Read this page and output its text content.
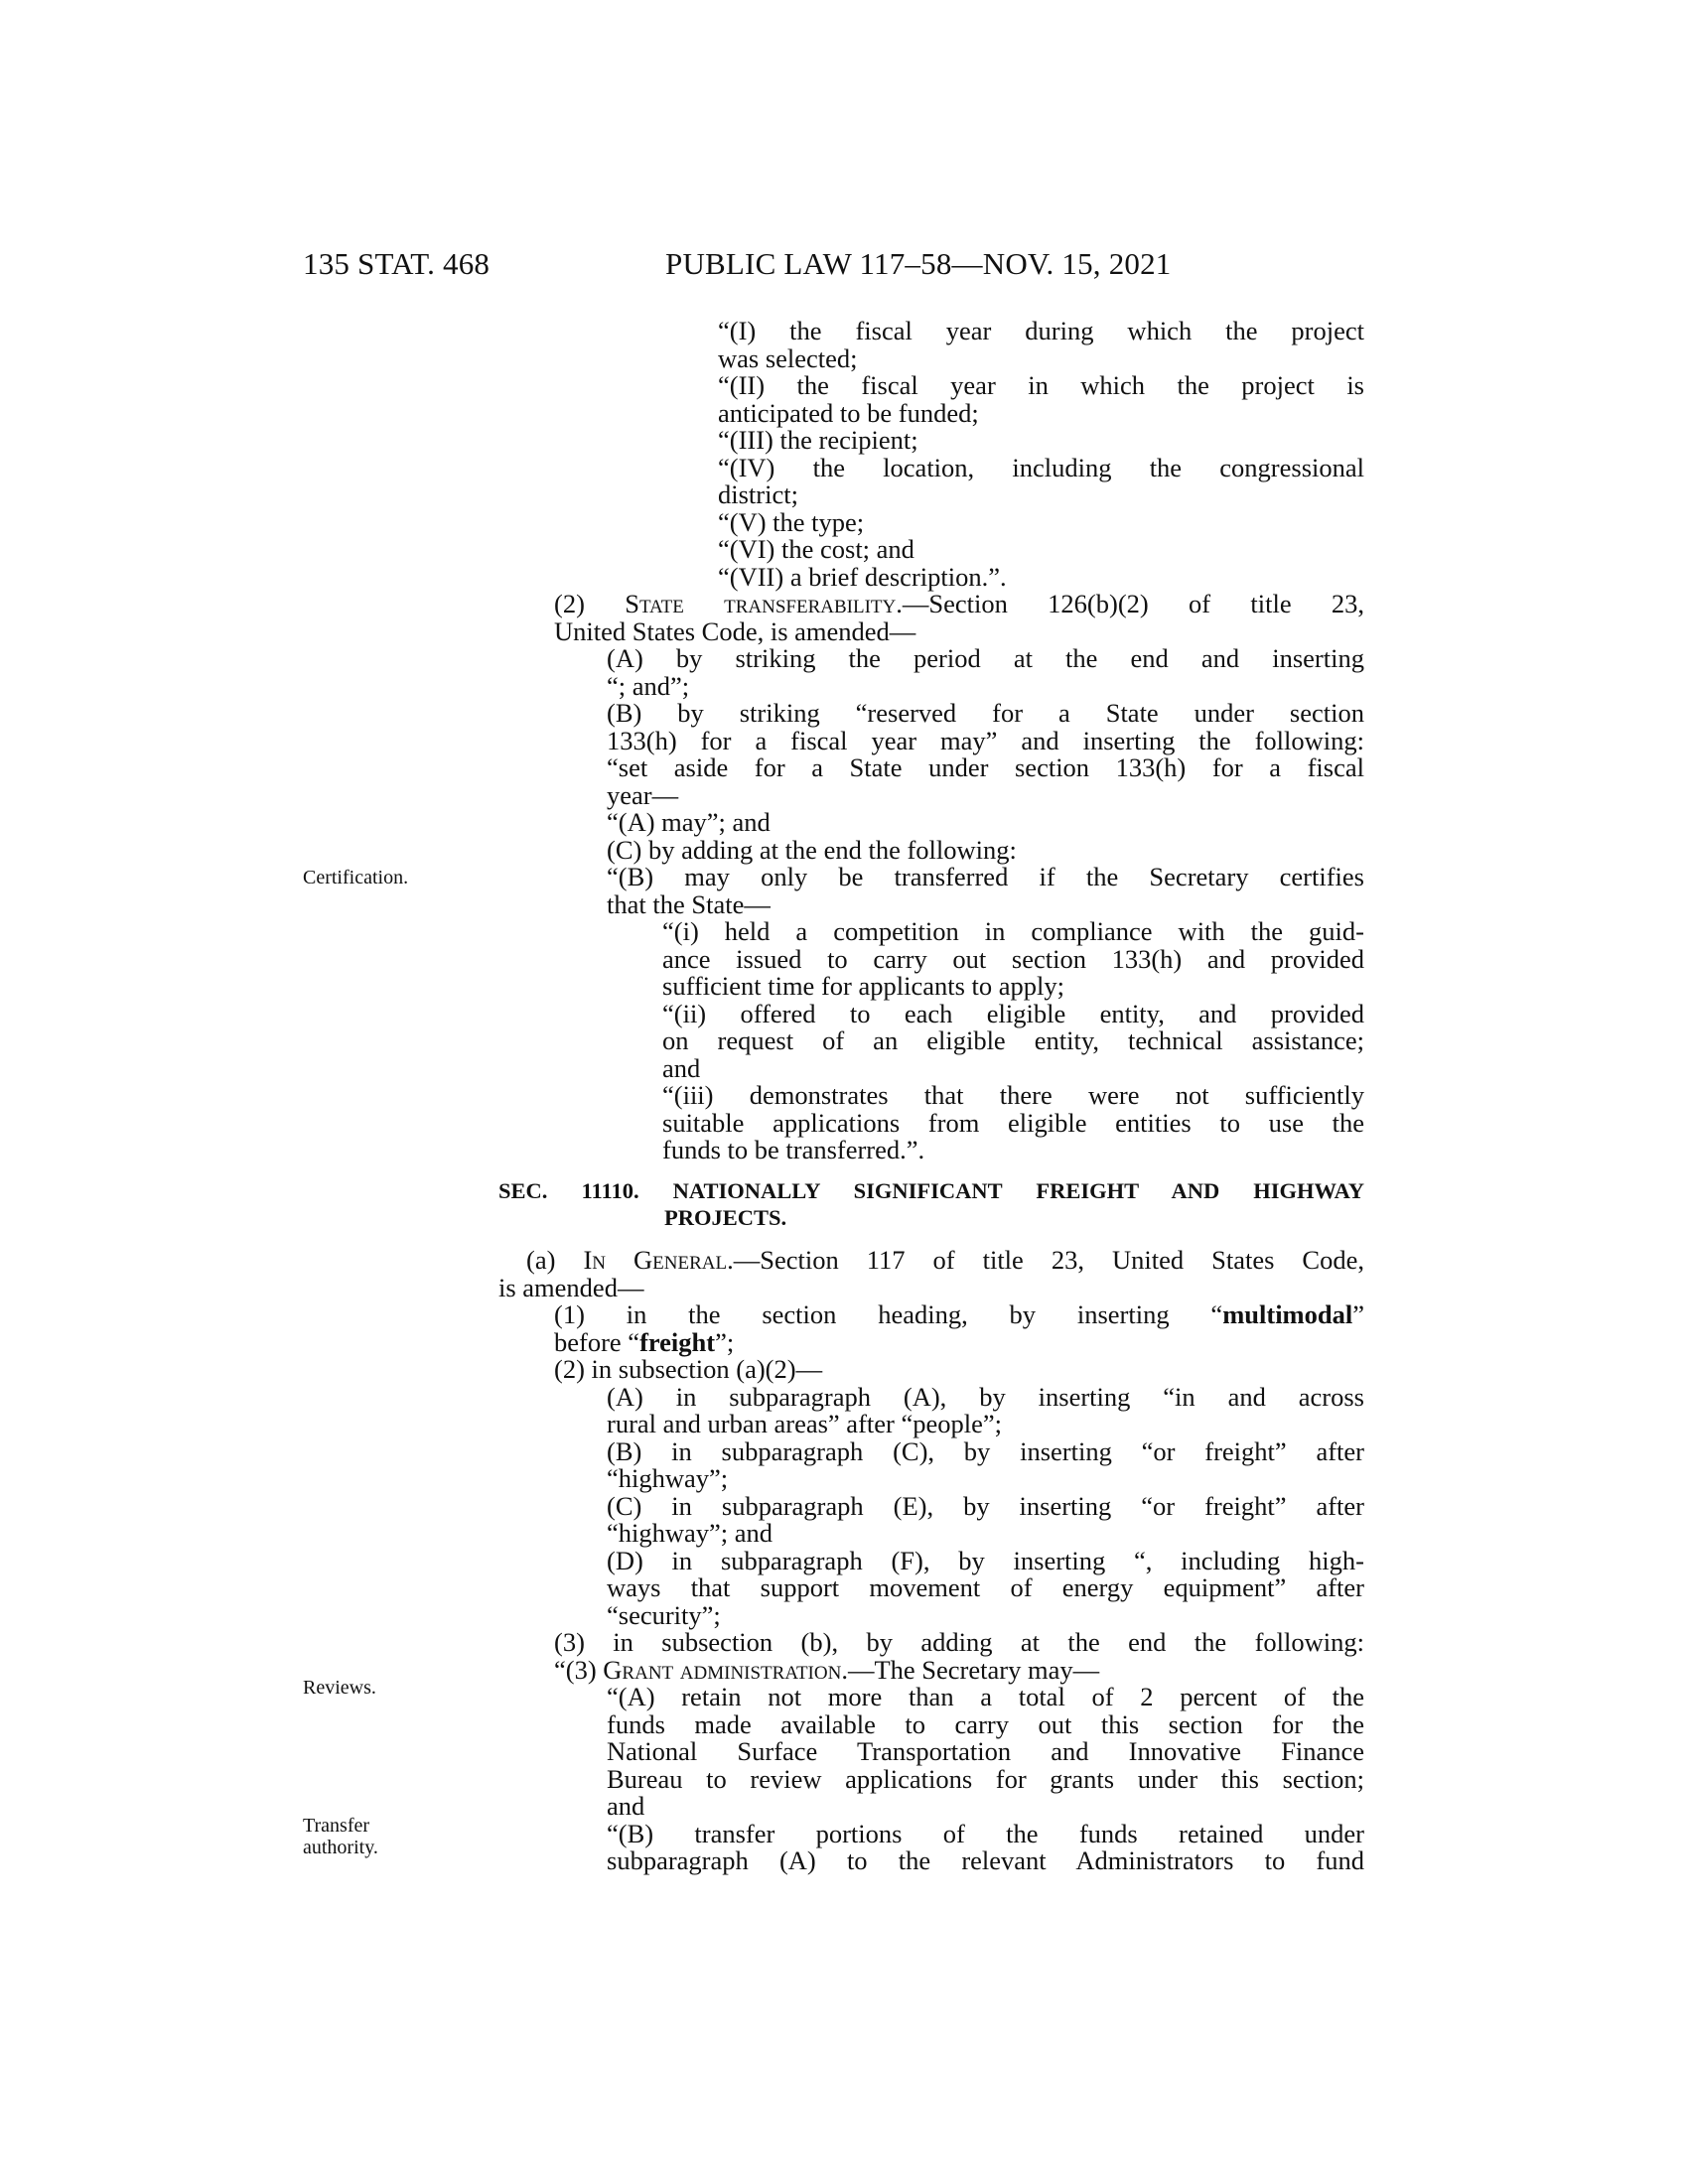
135 STAT. 468	PUBLIC LAW 117–58—NOV. 15, 2021
Certification.
Reviews.
Transfer
authority.
“(I) the fiscal year during which the project
was selected;
“(II) the fiscal year in which the project is
anticipated to be funded;
“(III) the recipient;
“(IV) the location, including the congressional
district;
“(V) the type;
“(VI) the cost; and
“(VII) a brief description.”.
(2) State transferability.—Section 126(b)(2) of title 23,
United States Code, is amended—
(A) by striking the period at the end and inserting
“; and”;
(B) by striking “reserved for a State under section
133(h) for a fiscal year may” and inserting the following:
“set aside for a State under section 133(h) for a fiscal
year—
“(A) may”; and
(C) by adding at the end the following:
“(B) may only be transferred if the Secretary certifies
that the State—
“(i) held a competition in compliance with the guid-
ance issued to carry out section 133(h) and provided
sufficient time for applicants to apply;
“(ii) offered to each eligible entity, and provided
on request of an eligible entity, technical assistance;
and
“(iii) demonstrates that there were not sufficiently
suitable applications from eligible entities to use the
funds to be transferred.”.
SEC. 11110. NATIONALLY SIGNIFICANT FREIGHT AND HIGHWAY
PROJECTS.
(a) In General.—Section 117 of title 23, United States Code,
is amended—
(1) in the section heading, by inserting “multimodal”
before “freight”;
(2) in subsection (a)(2)—
(A) in subparagraph (A), by inserting “in and across
rural and urban areas” after “people”;
(B) in subparagraph (C), by inserting “or freight” after
“highway”;
(C) in subparagraph (E), by inserting “or freight” after
“highway”; and
(D) in subparagraph (F), by inserting “, including high-
ways that support movement of energy equipment” after
“security”;
(3) in subsection (b), by adding at the end the following:
“(3) Grant administration.—The Secretary may—
“(A) retain not more than a total of 2 percent of the
funds made available to carry out this section for the
National Surface Transportation and Innovative Finance
Bureau to review applications for grants under this section;
and
“(B) transfer portions of the funds retained under
subparagraph (A) to the relevant Administrators to fund
